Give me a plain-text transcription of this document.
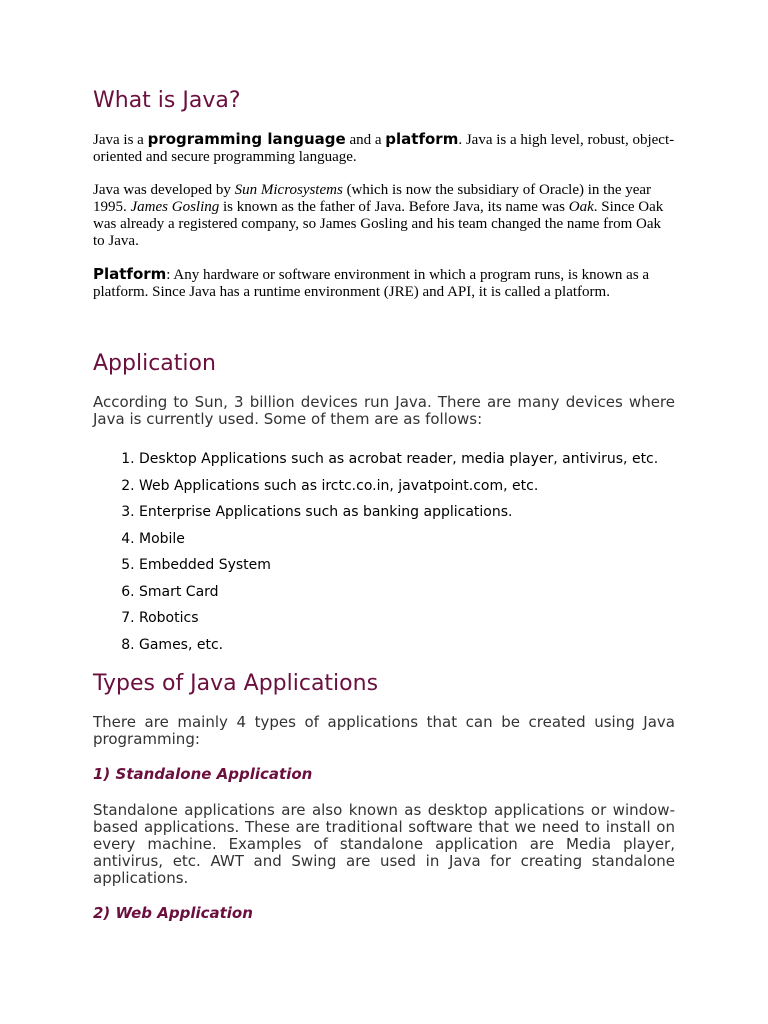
What is Java?

Java is a programming language and a platform. Java is a high level, robust, object-oriented and secure programming language.

Java was developed by Sun Microsystems (which is now the subsidiary of Oracle) in the year 1995. James Gosling is known as the father of Java. Before Java, its name was Oak. Since Oak was already a registered company, so James Gosling and his team changed the name from Oak to Java.

Platform: Any hardware or software environment in which a program runs, is known as a platform. Since Java has a runtime environment (JRE) and API, it is called a platform.

Application

According to Sun, 3 billion devices run Java. There are many devices where Java is currently used. Some of them are as follows:

1. Desktop Applications such as acrobat reader, media player, antivirus, etc.
2. Web Applications such as irctc.co.in, javatpoint.com, etc.
3. Enterprise Applications such as banking applications.
4. Mobile
5. Embedded System
6. Smart Card
7. Robotics
8. Games, etc.
Types of Java Applications

There are mainly 4 types of applications that can be created using Java programming:

1) Standalone Application

Standalone applications are also known as desktop applications or window-based applications. These are traditional software that we need to install on every machine. Examples of standalone application are Media player, antivirus, etc. AWT and Swing are used in Java for creating standalone applications.

2) Web Application
